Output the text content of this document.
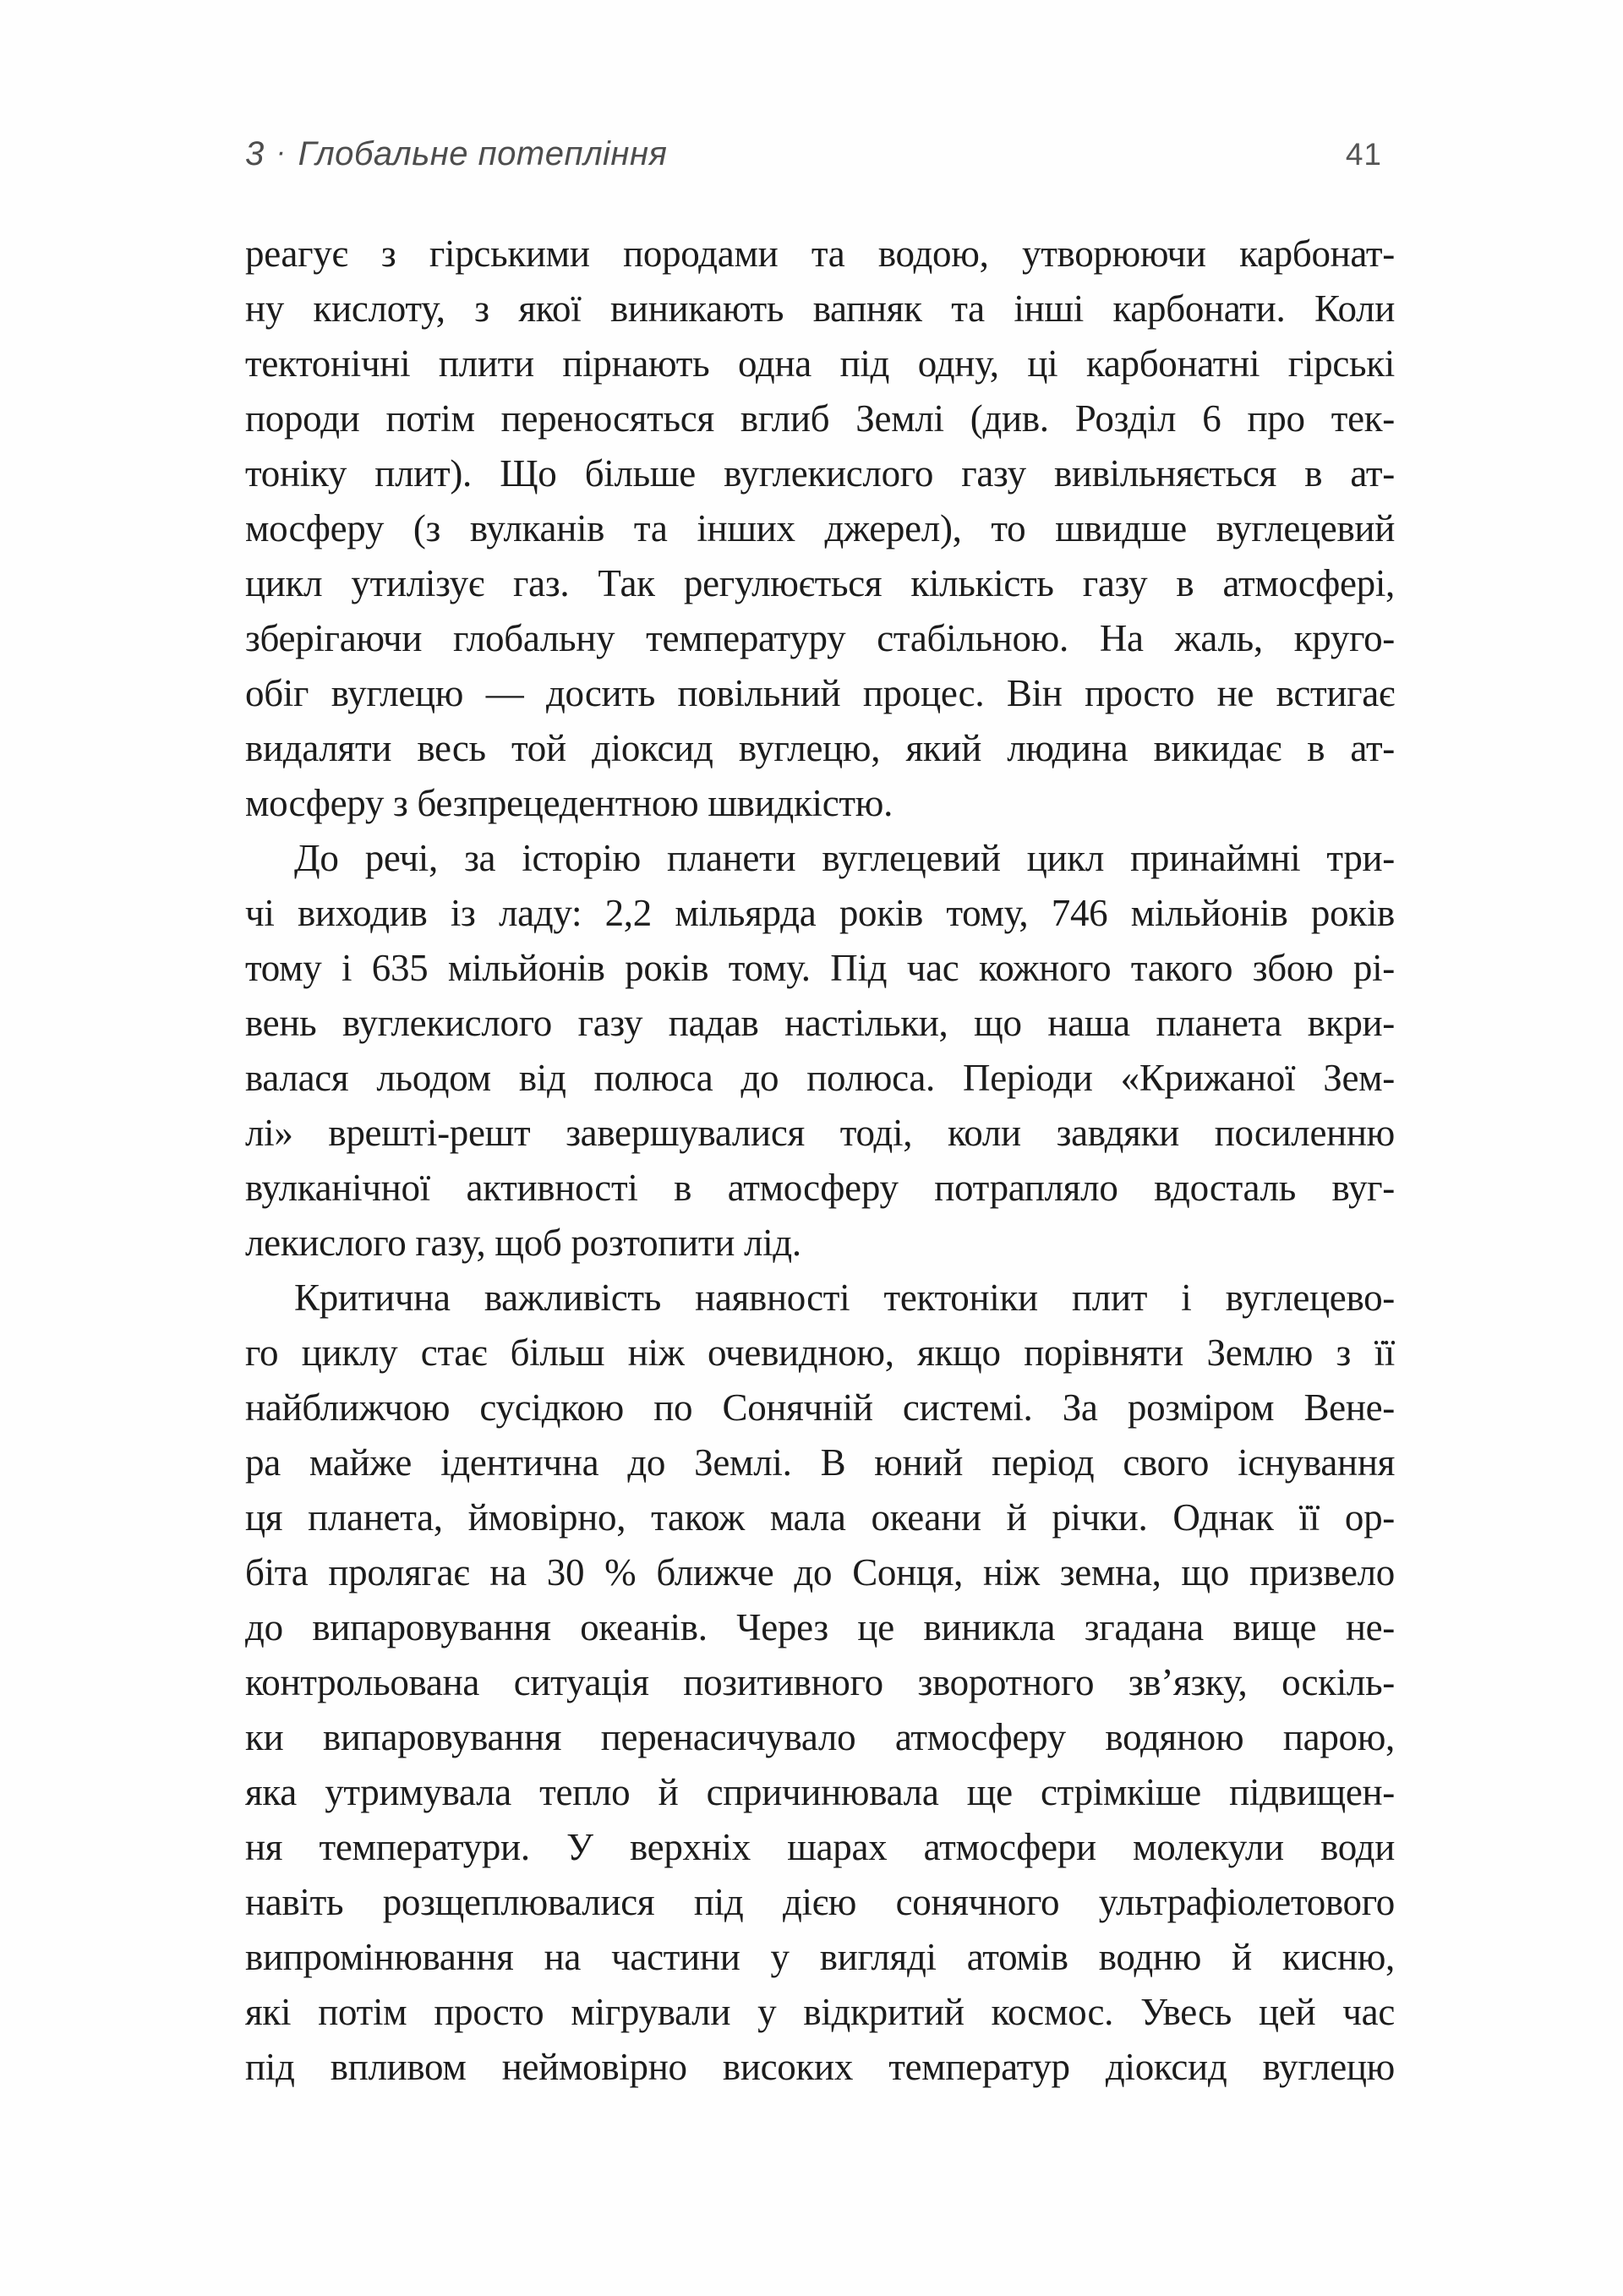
3 · Глобальне потепління	41
реагує з гірськими породами та водою, утворюючи карбонат-
ну кислоту, з якої виникають вапняк та інші карбонати. Коли
тектонічні плити пірнають одна під одну, ці карбонатні гірські
породи потім переносяться вглиб Землі (див. Розділ 6 про тек-
тоніку плит). Що більше вуглекислого газу вивільняється в ат-
мосферу (з вулканів та інших джерел), то швидше вуглецевий
цикл утилізує газ. Так регулюється кількість газу в атмосфері,
зберігаючи глобальну температуру стабільною. На жаль, круго-
обіг вуглецю — досить повільний процес. Він просто не встигає
видаляти весь той діоксид вуглецю, який людина викидає в ат-
мосферу з безпрецедентною швидкістю.
До речі, за історію планети вуглецевий цикл принаймні три-
чі виходив із ладу: 2,2 мільярда років тому, 746 мільйонів років
тому і 635 мільйонів років тому. Під час кожного такого збою рі-
вень вуглекислого газу падав настільки, що наша планета вкри-
валася льодом від полюса до полюса. Періоди «Крижаної Зем-
лі» врешті-решт завершувалися тоді, коли завдяки посиленню
вулканічної активності в атмосферу потрапляло вдосталь вуг-
лекислого газу, щоб розтопити лід.
Критична важливість наявності тектоніки плит і вуглецево-
го циклу стає більш ніж очевидною, якщо порівняти Землю з її
найближчою сусідкою по Сонячній системі. За розміром Вене-
ра майже ідентична до Землі. В юний період свого існування
ця планета, ймовірно, також мала океани й річки. Однак її ор-
біта пролягає на 30 % ближче до Сонця, ніж земна, що призвело
до випаровування океанів. Через це виникла згадана вище не-
контрольована ситуація позитивного зворотного зв’язку, оскіль-
ки випаровування перенасичувало атмосферу водяною парою,
яка утримувала тепло й спричинювала ще стрімкіше підвищен-
ня температури. У верхніх шарах атмосфери молекули води
навіть розщеплювалися під дією сонячного ультрафіолетового
випромінювання на частини у вигляді атомів водню й кисню,
які потім просто мігрували у відкритий космос. Увесь цей час
під впливом неймовірно високих температур діоксид вуглецю
